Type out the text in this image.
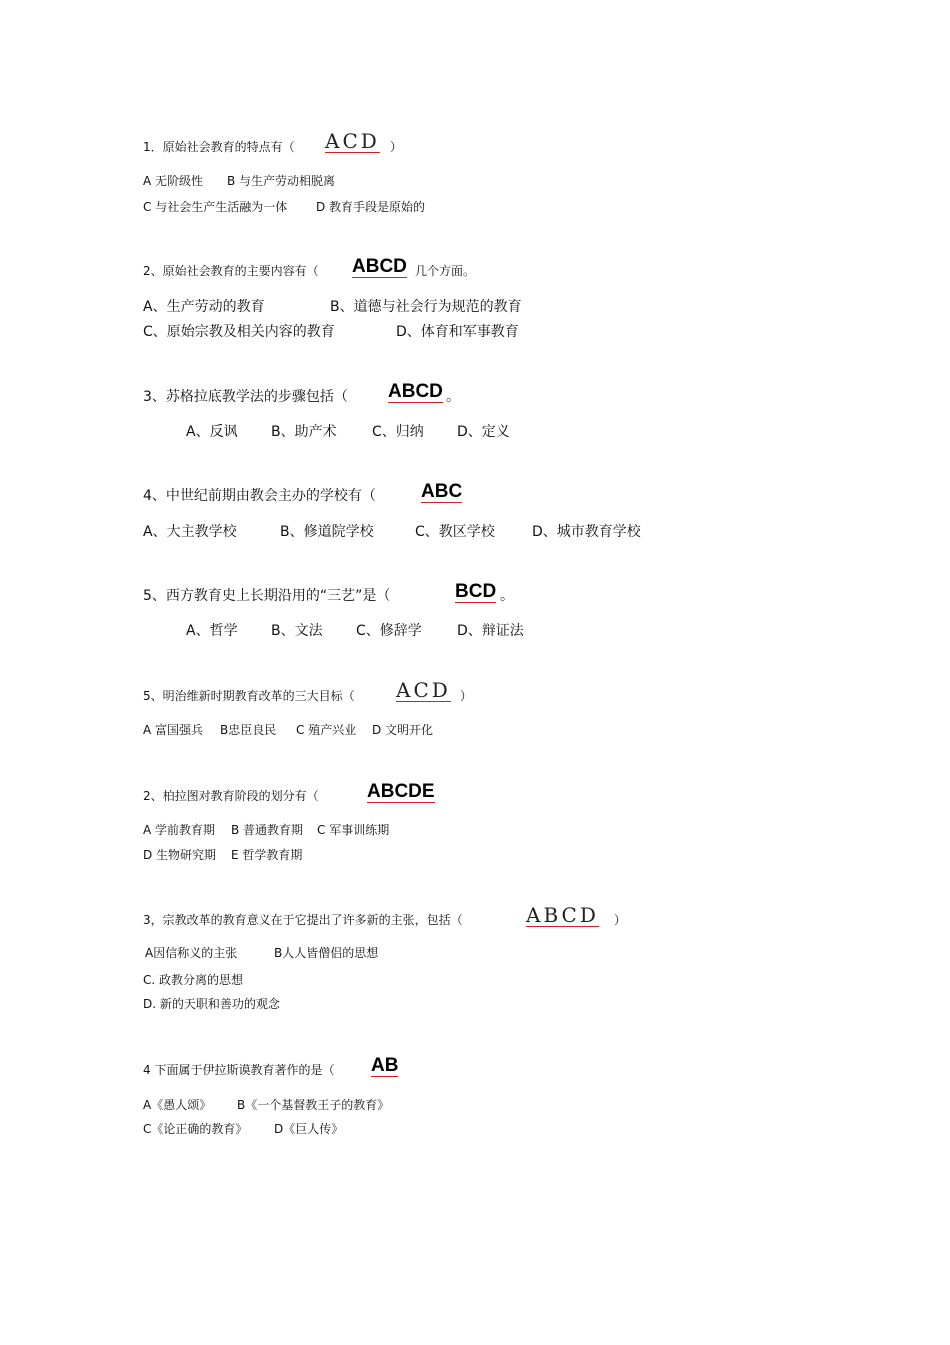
1．原始社会教育的特点有（ ACD ）
A 无阶级性 B 与生产劳动相脱离
C 与社会生产生活融为一体 D 教育手段是原始的
2、原始社会教育的主要内容有（ ABCD 几个方面。
A、生产劳动的教育	B、道德与社会行为规范的教育
C、原始宗教及相关内容的教育	D、体育和军事教育
3、苏格拉底教学法的步骤包括（ ABCD 。
A、反讽 B、助产术	C、归纳 D、定义
4、中世纪前期由教会主办的学校有（ ABC
A、大主教学校	B、修道院学校	C、教区学校	D、城市教育学校
5、西方教育史上长期沿用的“三艺”是（	BCD 。
A、哲学 B、文法 C、修辞学	D、辩证法
5、明治维新时期教育改革的三大目标（ ACD ）
A 富国强兵 B忠臣良民 C 殖产兴业 D 文明开化
2、柏拉图对教育阶段的划分有（	ABCDE
A 学前教育期 B 普通教育期 C 军事训练期
D 生物研究期 E 哲学教育期
3，宗教改革的教育意义在于它提出了许多新的主张，包括（	ABCD ）
A因信称义的主张	B人人皆僧侣的思想
C. 政教分离的思想
D. 新的天职和善功的观念
4 下面属于伊拉斯谟教育著作的是（ AB
A《愚人颂》 B《一个基督教王子的教育》
C《论正确的教育》 D《巨人传》
